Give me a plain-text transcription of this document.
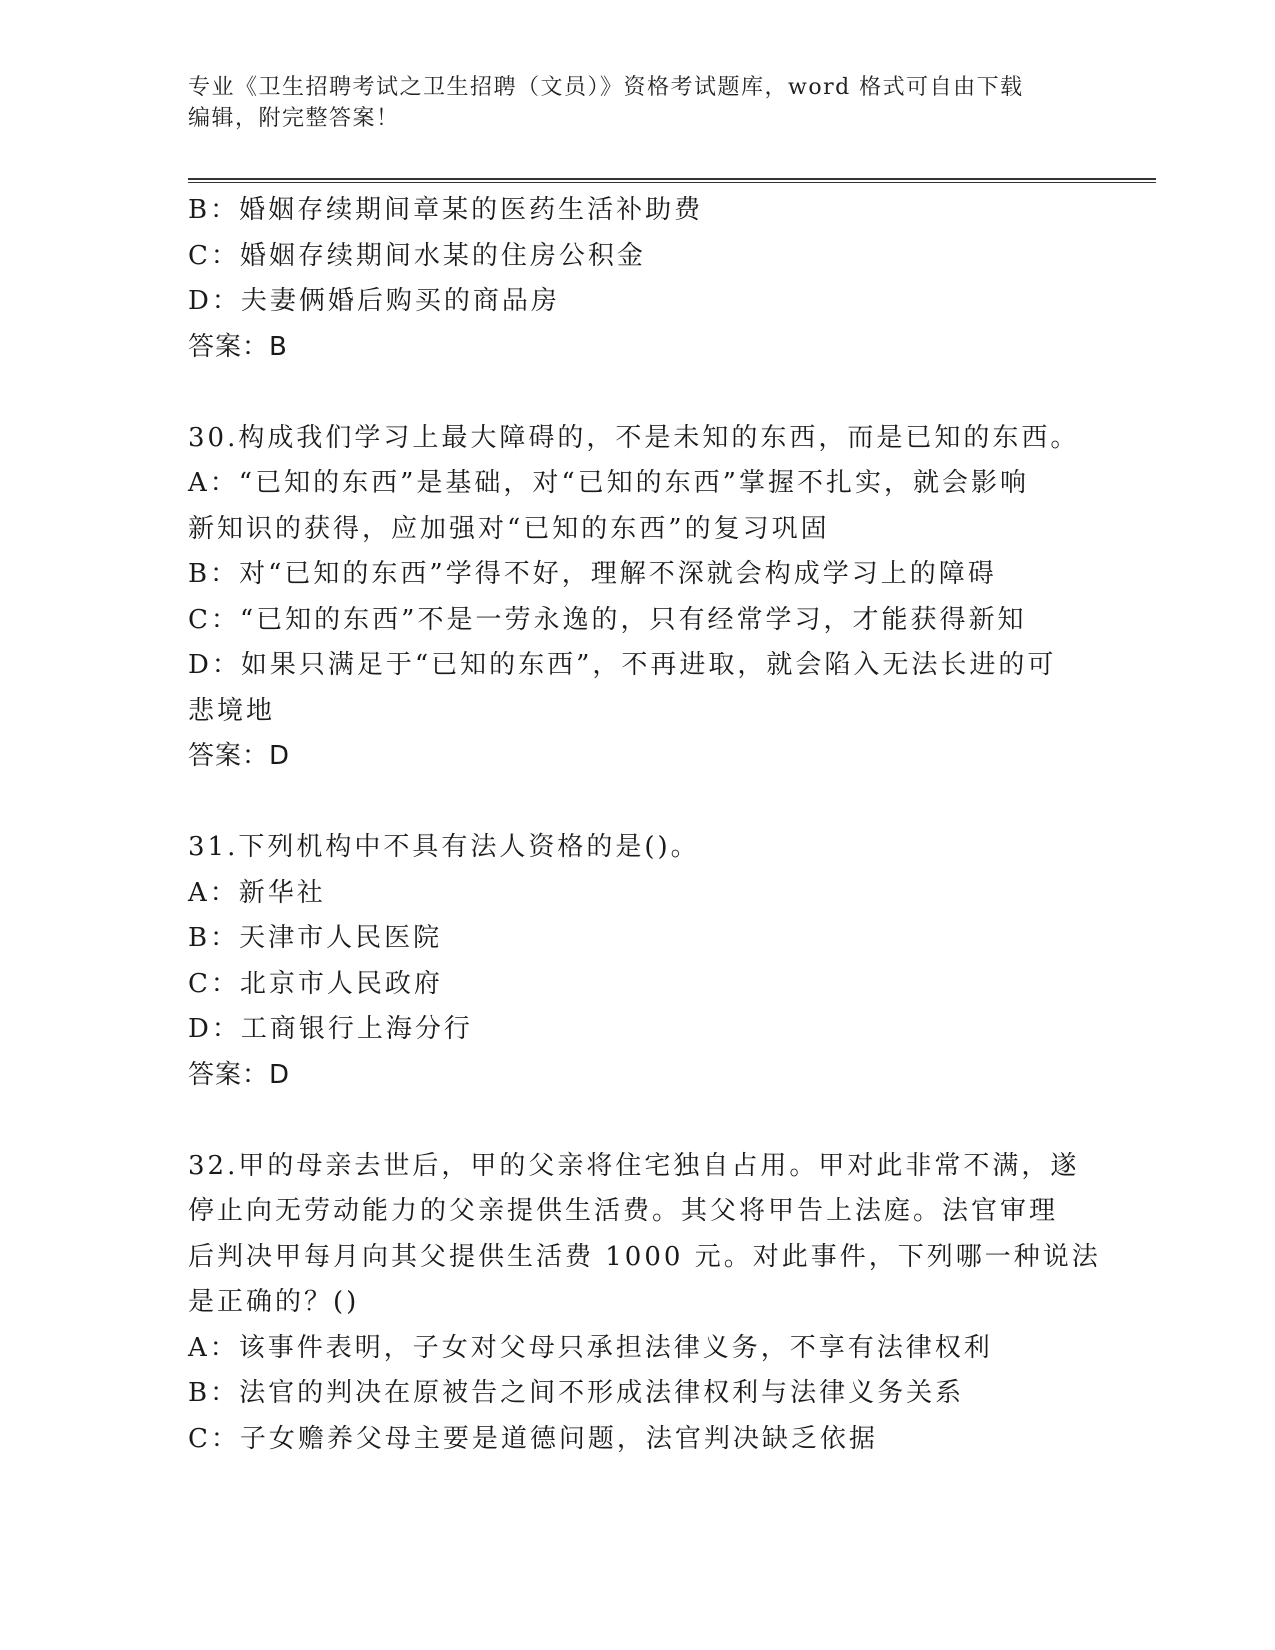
专业《卫生招聘考试之卫生招聘（文员）》资格考试题库，word 格式可自由下载
编辑，附完整答案！
B：婚姻存续期间章某的医药生活补助费
C：婚姻存续期间水某的住房公积金
D：夫妻俩婚后购买的商品房
答案：B
30.构成我们学习上最大障碍的，不是未知的东西，而是已知的东西。
A：“已知的东西”是基础，对“已知的东西”掌握不扎实，就会影响
新知识的获得，应加强对“已知的东西”的复习巩固
B：对“已知的东西”学得不好，理解不深就会构成学习上的障碍
C：“已知的东西”不是一劳永逸的，只有经常学习，才能获得新知
D：如果只满足于“已知的东西”，不再进取，就会陷入无法长进的可
悲境地
答案：D
31.下列机构中不具有法人资格的是()。
A：新华社
B：天津市人民医院
C：北京市人民政府
D：工商银行上海分行
答案：D
32.甲的母亲去世后，甲的父亲将住宅独自占用。甲对此非常不满，遂
停止向无劳动能力的父亲提供生活费。其父将甲告上法庭。法官审理
后判决甲每月向其父提供生活费 1000 元。对此事件，下列哪一种说法
是正确的？()
A：该事件表明，子女对父母只承担法律义务，不享有法律权利
B：法官的判决在原被告之间不形成法律权利与法律义务关系
C：子女赡养父母主要是道德问题，法官判决缺乏依据
